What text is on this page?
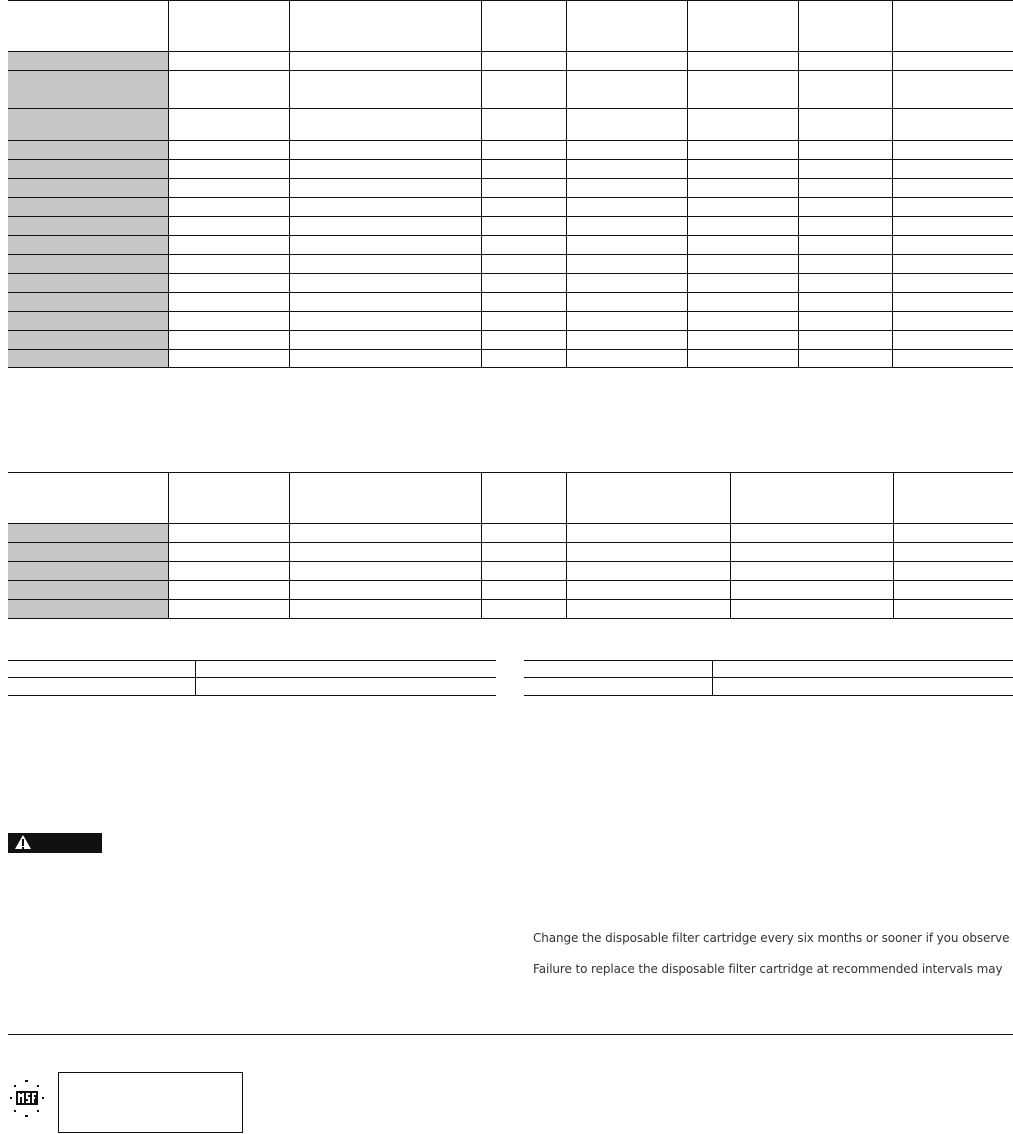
Change the disposable filter cartridge every six months or sooner if you observe
Failure to replace the disposable filter cartridge at recommended intervals may
